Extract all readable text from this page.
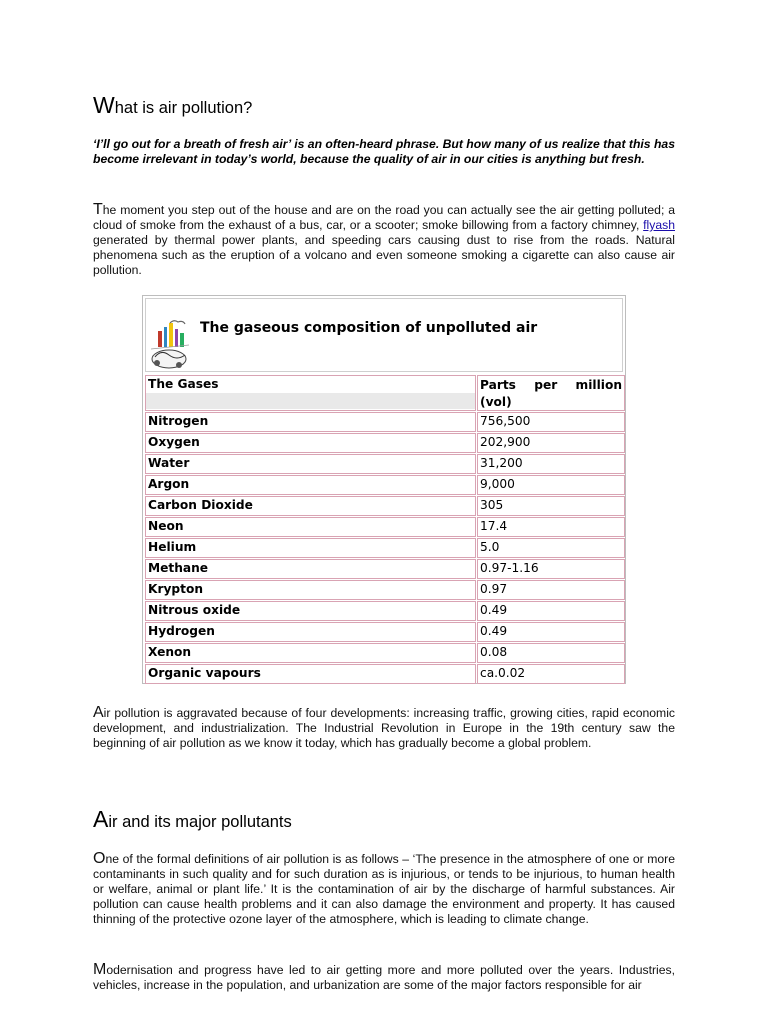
What is air pollution?

‘I’ll go out for a breath of fresh air’ is an often-heard phrase. But how many of us realize that this has become irrelevant in today’s world, because the quality of air in our cities is anything but fresh.

The moment you step out of the house and are on the road you can actually see the air getting polluted; a cloud of smoke from the exhaust of a bus, car, or a scooter; smoke billowing from a factory chimney, flyash generated by thermal power plants, and speeding cars causing dust to rise from the roads. Natural phenomena such as the eruption of a volcano and even someone smoking a cigarette can also cause air pollution.

The gaseous composition of unpolluted air
The Gases	Parts per million
(vol)

Nitrogen	756,500
Oxygen	202,900
Water	31,200
Argon	9,000
Carbon Dioxide	305
Neon	17.4
Helium	5.0
Methane	0.97-1.16
Krypton	0.97
Nitrous oxide	0.49
Hydrogen	0.49
Xenon	0.08
Organic vapours	ca.0.02

Air pollution is aggravated because of four developments: increasing traffic, growing cities, rapid economic development, and industrialization. The Industrial Revolution in Europe in the 19th century saw the beginning of air pollution as we know it today, which has gradually become a global problem.

Air and its major pollutants

One of the formal definitions of air pollution is as follows – ‘The presence in the atmosphere of one or more contaminants in such quality and for such duration as is injurious, or tends to be injurious, to human health or welfare, animal or plant life.’ It is the contamination of air by the discharge of harmful substances. Air pollution can cause health problems and it can also damage the environment and property. It has caused thinning of the protective ozone layer of the atmosphere, which is leading to climate change.

Modernisation and progress have led to air getting more and more polluted over the years. Industries, vehicles, increase in the population, and urbanization are some of the major factors responsible for air
